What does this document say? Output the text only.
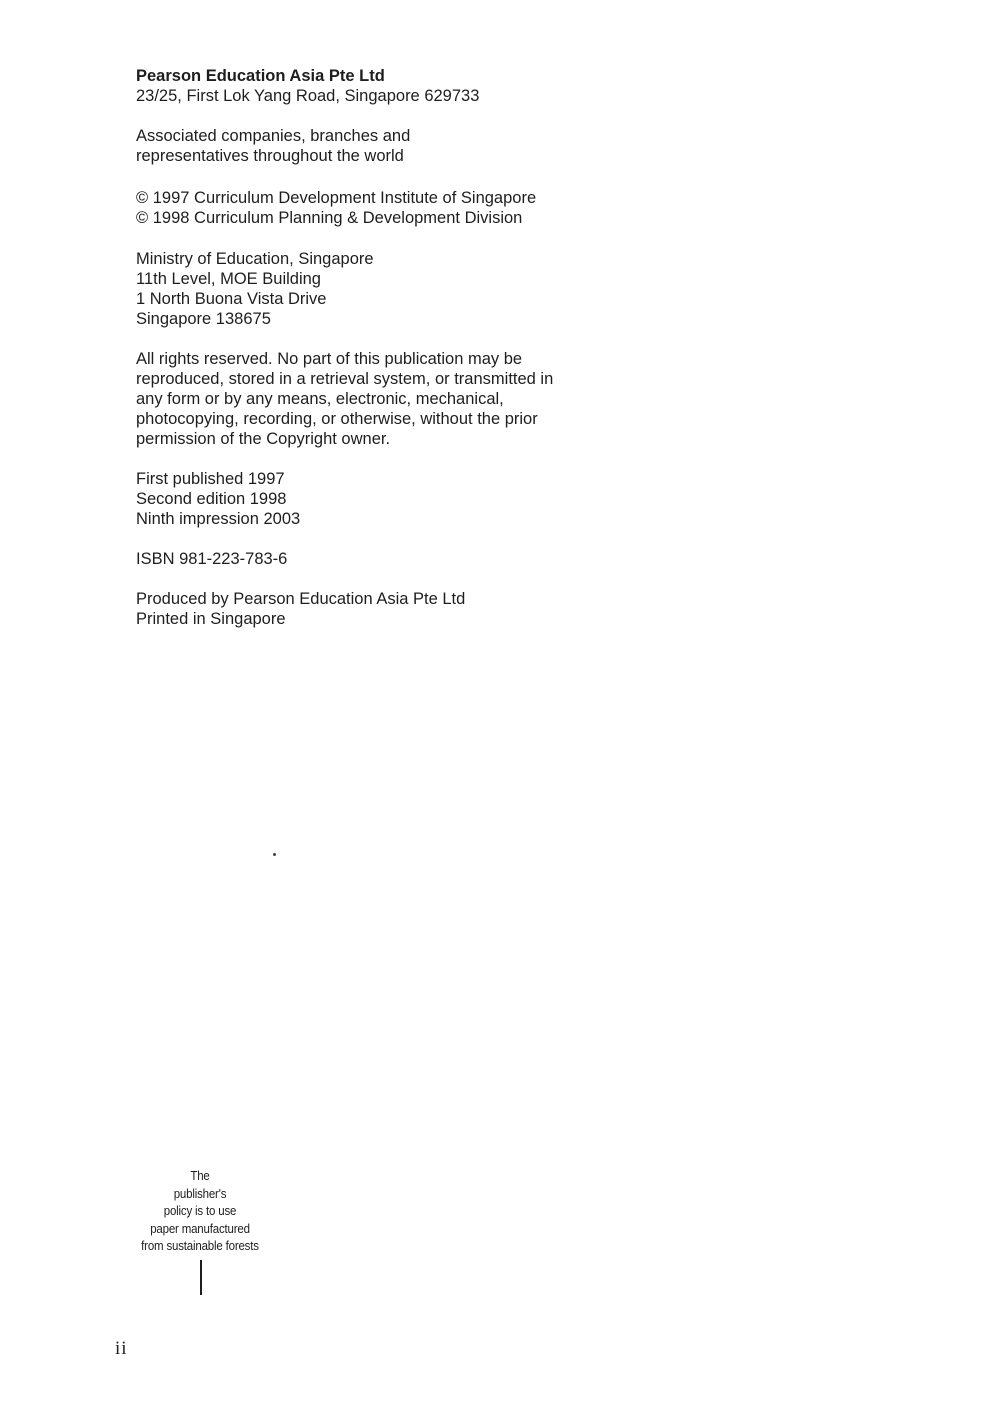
Pearson Education Asia Pte Ltd
23/25, First Lok Yang Road, Singapore 629733
Associated companies, branches and
representatives throughout the world
© 1997 Curriculum Development Institute of Singapore
© 1998 Curriculum Planning & Development Division
Ministry of Education, Singapore
11th Level, MOE Building
1 North Buona Vista Drive
Singapore 138675
All rights reserved. No part of this publication may be
reproduced, stored in a retrieval system, or transmitted in
any form or by any means, electronic, mechanical,
photocopying, recording, or otherwise, without the prior
permission of the Copyright owner.
First published 1997
Second edition 1998
Ninth impression 2003
ISBN 981-223-783-6
Produced by Pearson Education Asia Pte Ltd
Printed in Singapore
The
publisher's
policy is to use
paper manufactured
from sustainable forests
ii
